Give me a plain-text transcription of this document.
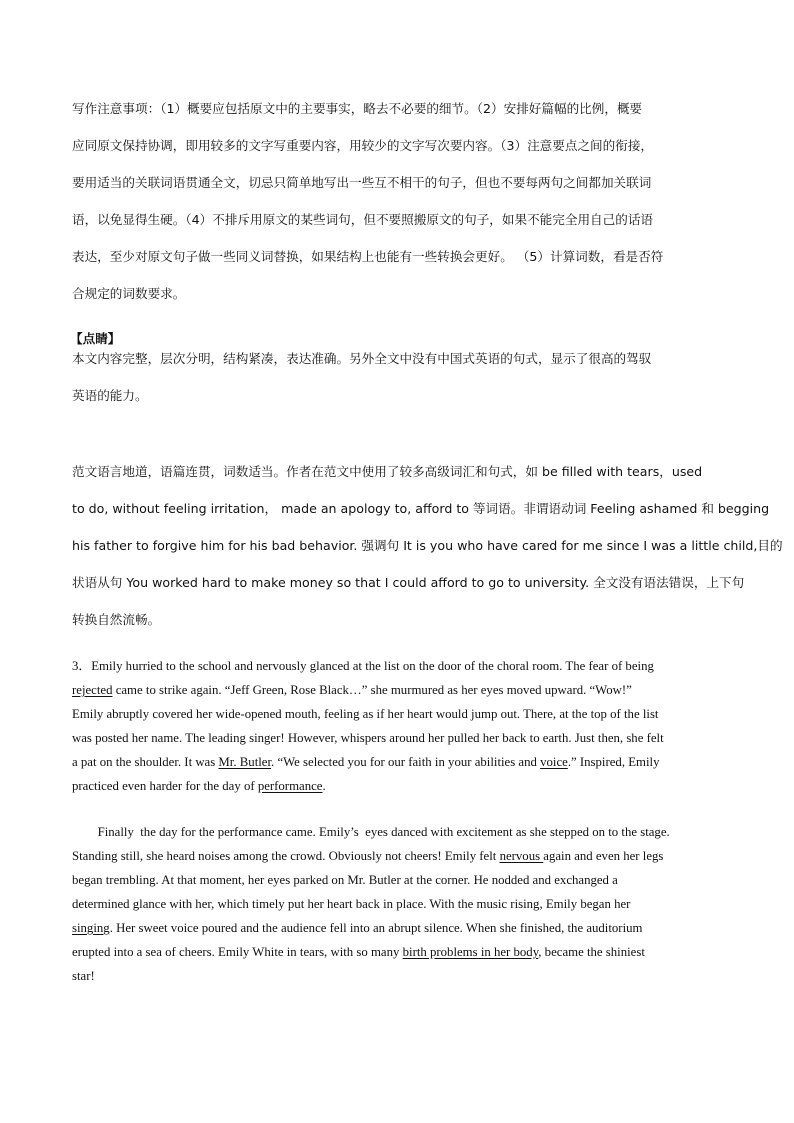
写作注意事项：（1）概要应包括原文中的主要事实，略去不必要的细节。（2）安排好篇幅的比例，概要
应同原文保持协调，即用较多的文字写重要内容，用较少的文字写次要内容。（3）注意要点之间的衔接，
要用适当的关联词语贯通全文，切忌只简单地写出一些互不相干的句子，但也不要每两句之间都加关联词
语，以免显得生硬。（4）不排斥用原文的某些词句，但不要照搬原文的句子，如果不能完全用自己的话语
表达，至少对原文句子做一些同义词替换，如果结构上也能有一些转换会更好。 （5）计算词数，看是否符
合规定的词数要求。
【点睛】
本文内容完整，层次分明，结构紧凑，表达准确。另外全文中没有中国式英语的句式，显示了很高的驾驭
英语的能力。
范文语言地道，语篇连贯，词数适当。作者在范文中使用了较多高级词汇和句式，如 be filled with tears，used
to do, without feeling irritation， made an apology to, afford to 等词语。非谓语动词 Feeling ashamed 和 begging
his father to forgive him for his bad behavior. 强调句 It is you who have cared for me since I was a little child,目的
状语从句 You worked hard to make money so that I could afford to go to university. 全文没有语法错误，上下句
转换自然流畅。
3．Emily hurried to the school and nervously glanced at the list on the door of the choral room. The fear of being
rejected came to strike again. “Jeff Green, Rose Black…” she murmured as her eyes moved upward. “Wow!”
Emily abruptly covered her wide-opened mouth, feeling as if her heart would jump out. There, at the top of the list
was posted her name. The leading singer! However, whispers around her pulled her back to earth. Just then, she felt
a pat on the shoulder. It was Mr. Butler. “We selected you for our faith in your abilities and voice.” Inspired, Emily
practiced even harder for the day of performance.
Finally  the day for the performance came. Emily’s  eyes danced with excitement as she stepped on to the stage.
Standing still, she heard noises among the crowd. Obviously not cheers! Emily felt nervous again and even her legs
began trembling. At that moment, her eyes parked on Mr. Butler at the corner. He nodded and exchanged a
determined glance with her, which timely put her heart back in place. With the music rising, Emily began her
singing. Her sweet voice poured and the audience fell into an abrupt silence. When she finished, the auditorium
erupted into a sea of cheers. Emily White in tears, with so many birth problems in her body, became the shiniest
star!
